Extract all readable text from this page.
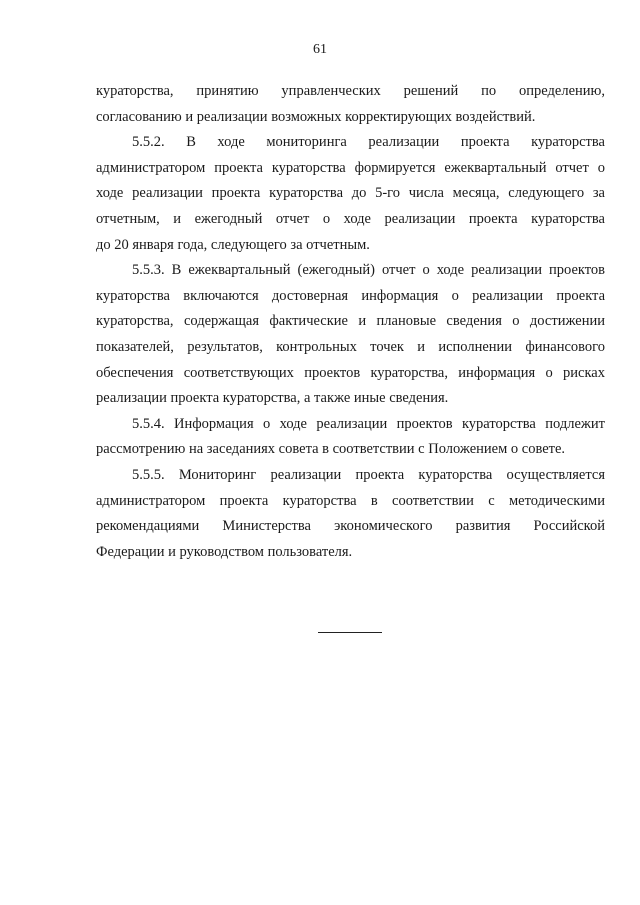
61
кураторства, принятию управленческих решений по определению,
согласованию и реализации возможных корректирующих воздействий.
5.5.2. В ходе мониторинга реализации проекта кураторства
администратором проекта кураторства формируется ежеквартальный отчет о
ходе реализации проекта кураторства до 5-го числа месяца, следующего за
отчетным, и ежегодный отчет о ходе реализации проекта кураторства
до 20 января года, следующего за отчетным.
5.5.3. В ежеквартальный (ежегодный) отчет о ходе реализации проектов
кураторства включаются достоверная информация о реализации проекта
кураторства, содержащая фактические и плановые сведения о достижении
показателей, результатов, контрольных точек и исполнении финансового
обеспечения соответствующих проектов кураторства, информация о рисках
реализации проекта кураторства, а также иные сведения.
5.5.4. Информация о ходе реализации проектов кураторства подлежит
рассмотрению на заседаниях совета в соответствии с Положением о совете.
5.5.5. Мониторинг реализации проекта кураторства осуществляется
администратором проекта кураторства в соответствии с методическими
рекомендациями Министерства экономического развития Российской
Федерации и руководством пользователя.
